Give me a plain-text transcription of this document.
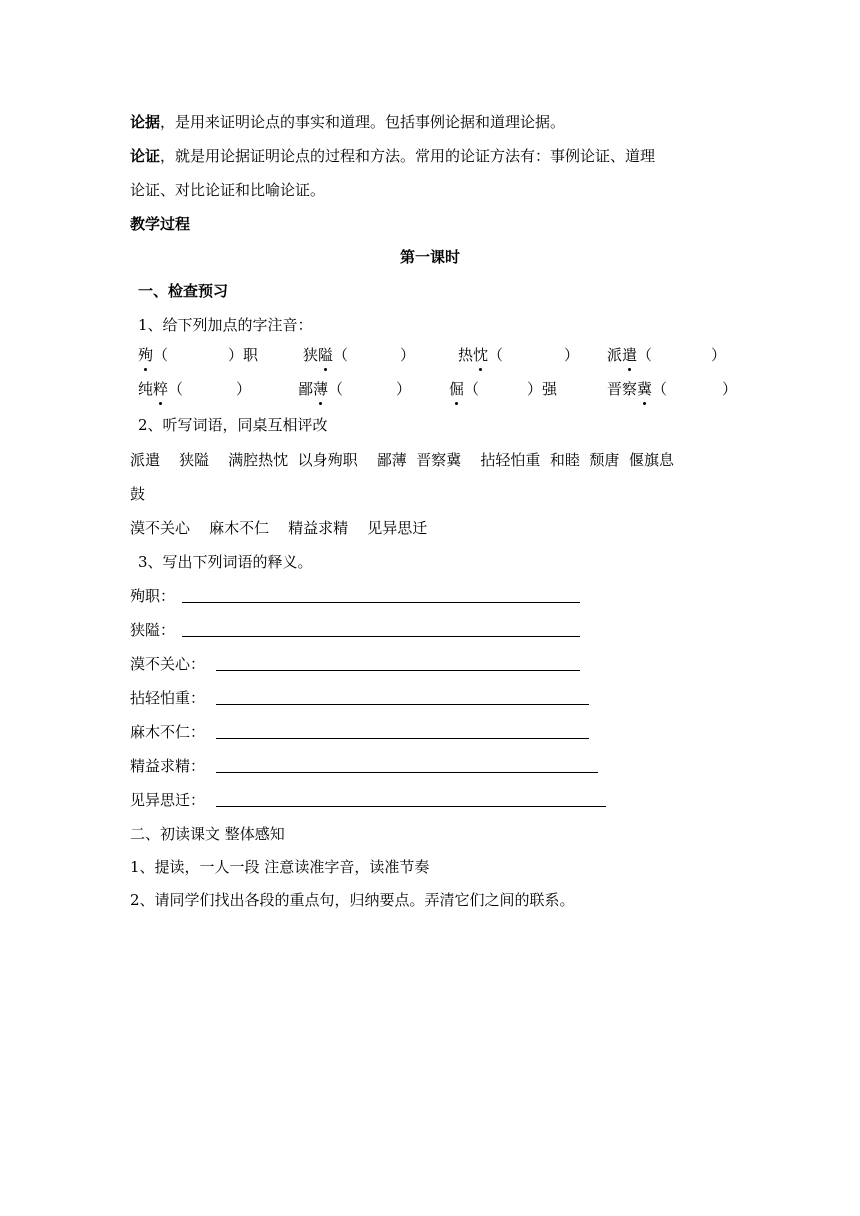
论据，是用来证明论点的事实和道理。包括事例论据和道理论据。
论证，就是用论据证明论点的过程和方法。常用的论证方法有：事例论证、道理
论证、对比论证和比喻论证。
教学过程
第一课时
一、检查预习
1、给下列加点的字注音：
殉（	）职	狭隘（	）	热忱（	） 派遣（	）
纯粹（	）	鄙薄（	）	倔（	）强	晋察冀（	）
2、听写词语，同桌互相评改
派遣    狭隘    满腔热忱  以身殉职    鄙薄  晋察冀    拈轻怕重  和睦  颓唐  偃旗息
鼓
漠不关心    麻木不仁    精益求精    见异思迁
3、写出下列词语的释义。
殉职：
狭隘：
漠不关心：
拈轻怕重：
麻木不仁：
精益求精：
见异思迁：
二、初读课文 整体感知
1、提读，一人一段 注意读准字音，读准节奏
2、请同学们找出各段的重点句，归纳要点。弄清它们之间的联系。
